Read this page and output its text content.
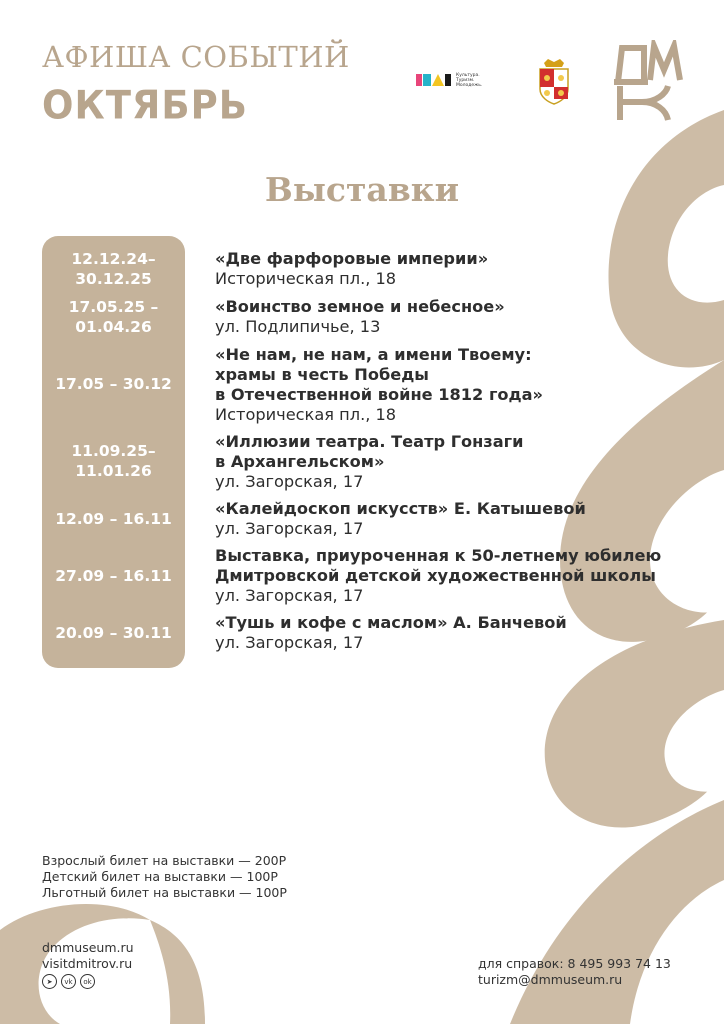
АФИША СОБЫТИЙ
ОКТЯБРЬ
Культура.
Туризм.
Молодежь.
Выставки
12.12.24–
30.12.25
«Две фарфоровые империи»
Историческая пл., 18
17.05.25 –
01.04.26
«Воинство земное и небесное»
ул. Подлипичье, 13
17.05 – 30.12
«Не нам, не нам, а имени Твоему:
храмы в честь Победы
в Отечественной войне 1812 года»
Историческая пл., 18
11.09.25–
11.01.26
«Иллюзии театра. Театр Гонзаги
в Архангельском»
ул. Загорская, 17
12.09 – 16.11
«Калейдоскоп искусств» Е. Катышевой
ул. Загорская, 17
27.09 – 16.11
Выставка, приуроченная к 50-летнему юбилею
Дмитровской детской художественной школы
ул. Загорская, 17
20.09 – 30.11
«Тушь и кофе с маслом» А. Банчевой
ул. Загорская, 17
Взрослый билет на выставки — 200Р
Детский билет на выставки — 100Р
Льготный билет на выставки — 100Р
dmmuseum.ru
visitdmitrov.ru
➤	vk	ok
для справок: 8 495 993 74 13
turizm@dmmuseum.ru
